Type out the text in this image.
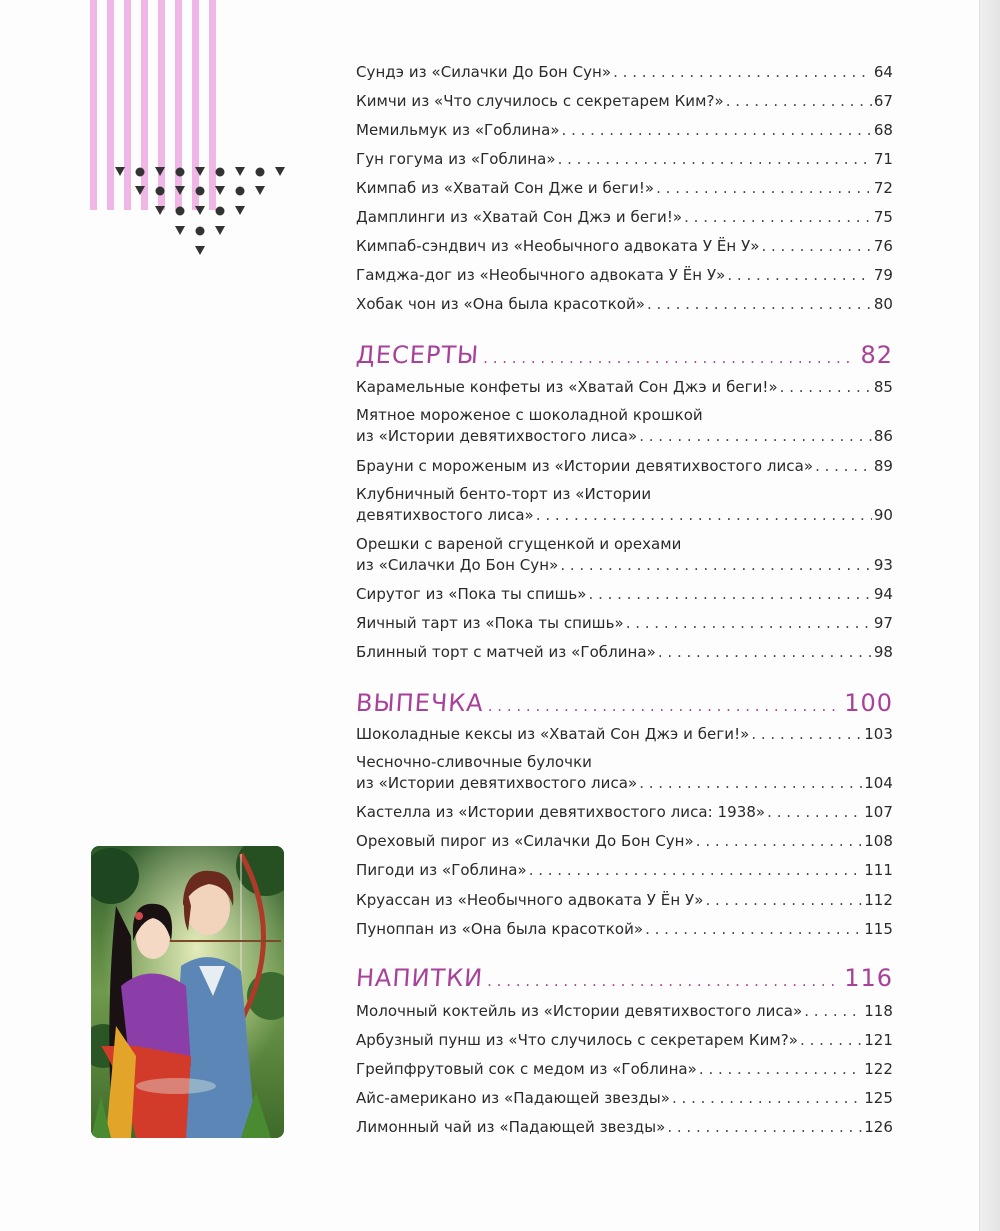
Сундэ из «Силачки До Бон Сун» . . .	64
Кимчи из «Что случилось с секретарем Ким?» . . .	67
Мемильмук из «Гоблина» . . .	68
Гун гогума из «Гоблина» . . .	71
Кимпаб из «Хватай Сон Дже и беги!» . . .	72
Дамплинги из «Хватай Сон Джэ и беги!» . . .	75
Кимпаб-сэндвич из «Необычного адвоката У Ён У» . . .	76
Гамджа-дог из «Необычного адвоката У Ён У» . . .	79
Хобак чон из «Она была красоткой» . . .	80
ДЕСЕРТЫ . . .	82
Карамельные конфеты из «Хватай Сон Джэ и беги!» . . .	85
Мятное мороженое с шоколадной крошкой
из «Истории девятихвостого лиса» . . .	86
Брауни с мороженым из «Истории девятихвостого лиса» . . .	89
Клубничный бенто-торт из «Истории
девятихвостого лиса» . . .	90
Орешки с вареной сгущенкой и орехами
из «Силачки До Бон Сун» . . .	93
Сирутог из «Пока ты спишь» . . .	94
Яичный тарт из «Пока ты спишь» . . .	97
Блинный торт с матчей из «Гоблина» . . .	98
ВЫПЕЧКА . . .	100
Шоколадные кексы из «Хватай Сон Джэ и беги!» . . .	103
Чесночно-сливочные булочки
из «Истории девятихвостого лиса» . . .	104
Кастелла из «Истории девятихвостого лиса: 1938» . . .	107
Ореховый пирог из «Силачки До Бон Сун» . . .	108
Пигоди из «Гоблина» . . .	111
Круассан из «Необычного адвоката У Ён У» . . .	112
Пуноппан из «Она была красоткой» . . .	115
НАПИТКИ . . .	116
Молочный коктейль из «Истории девятихвостого лиса» . . .	118
Арбузный пунш из «Что случилось с секретарем Ким?» . . .	121
Грейпфрутовый сок с медом из «Гоблина» . . .	122
Айс-американо из «Падающей звезды» . . .	125
Лимонный чай из «Падающей звезды» . . .	126
